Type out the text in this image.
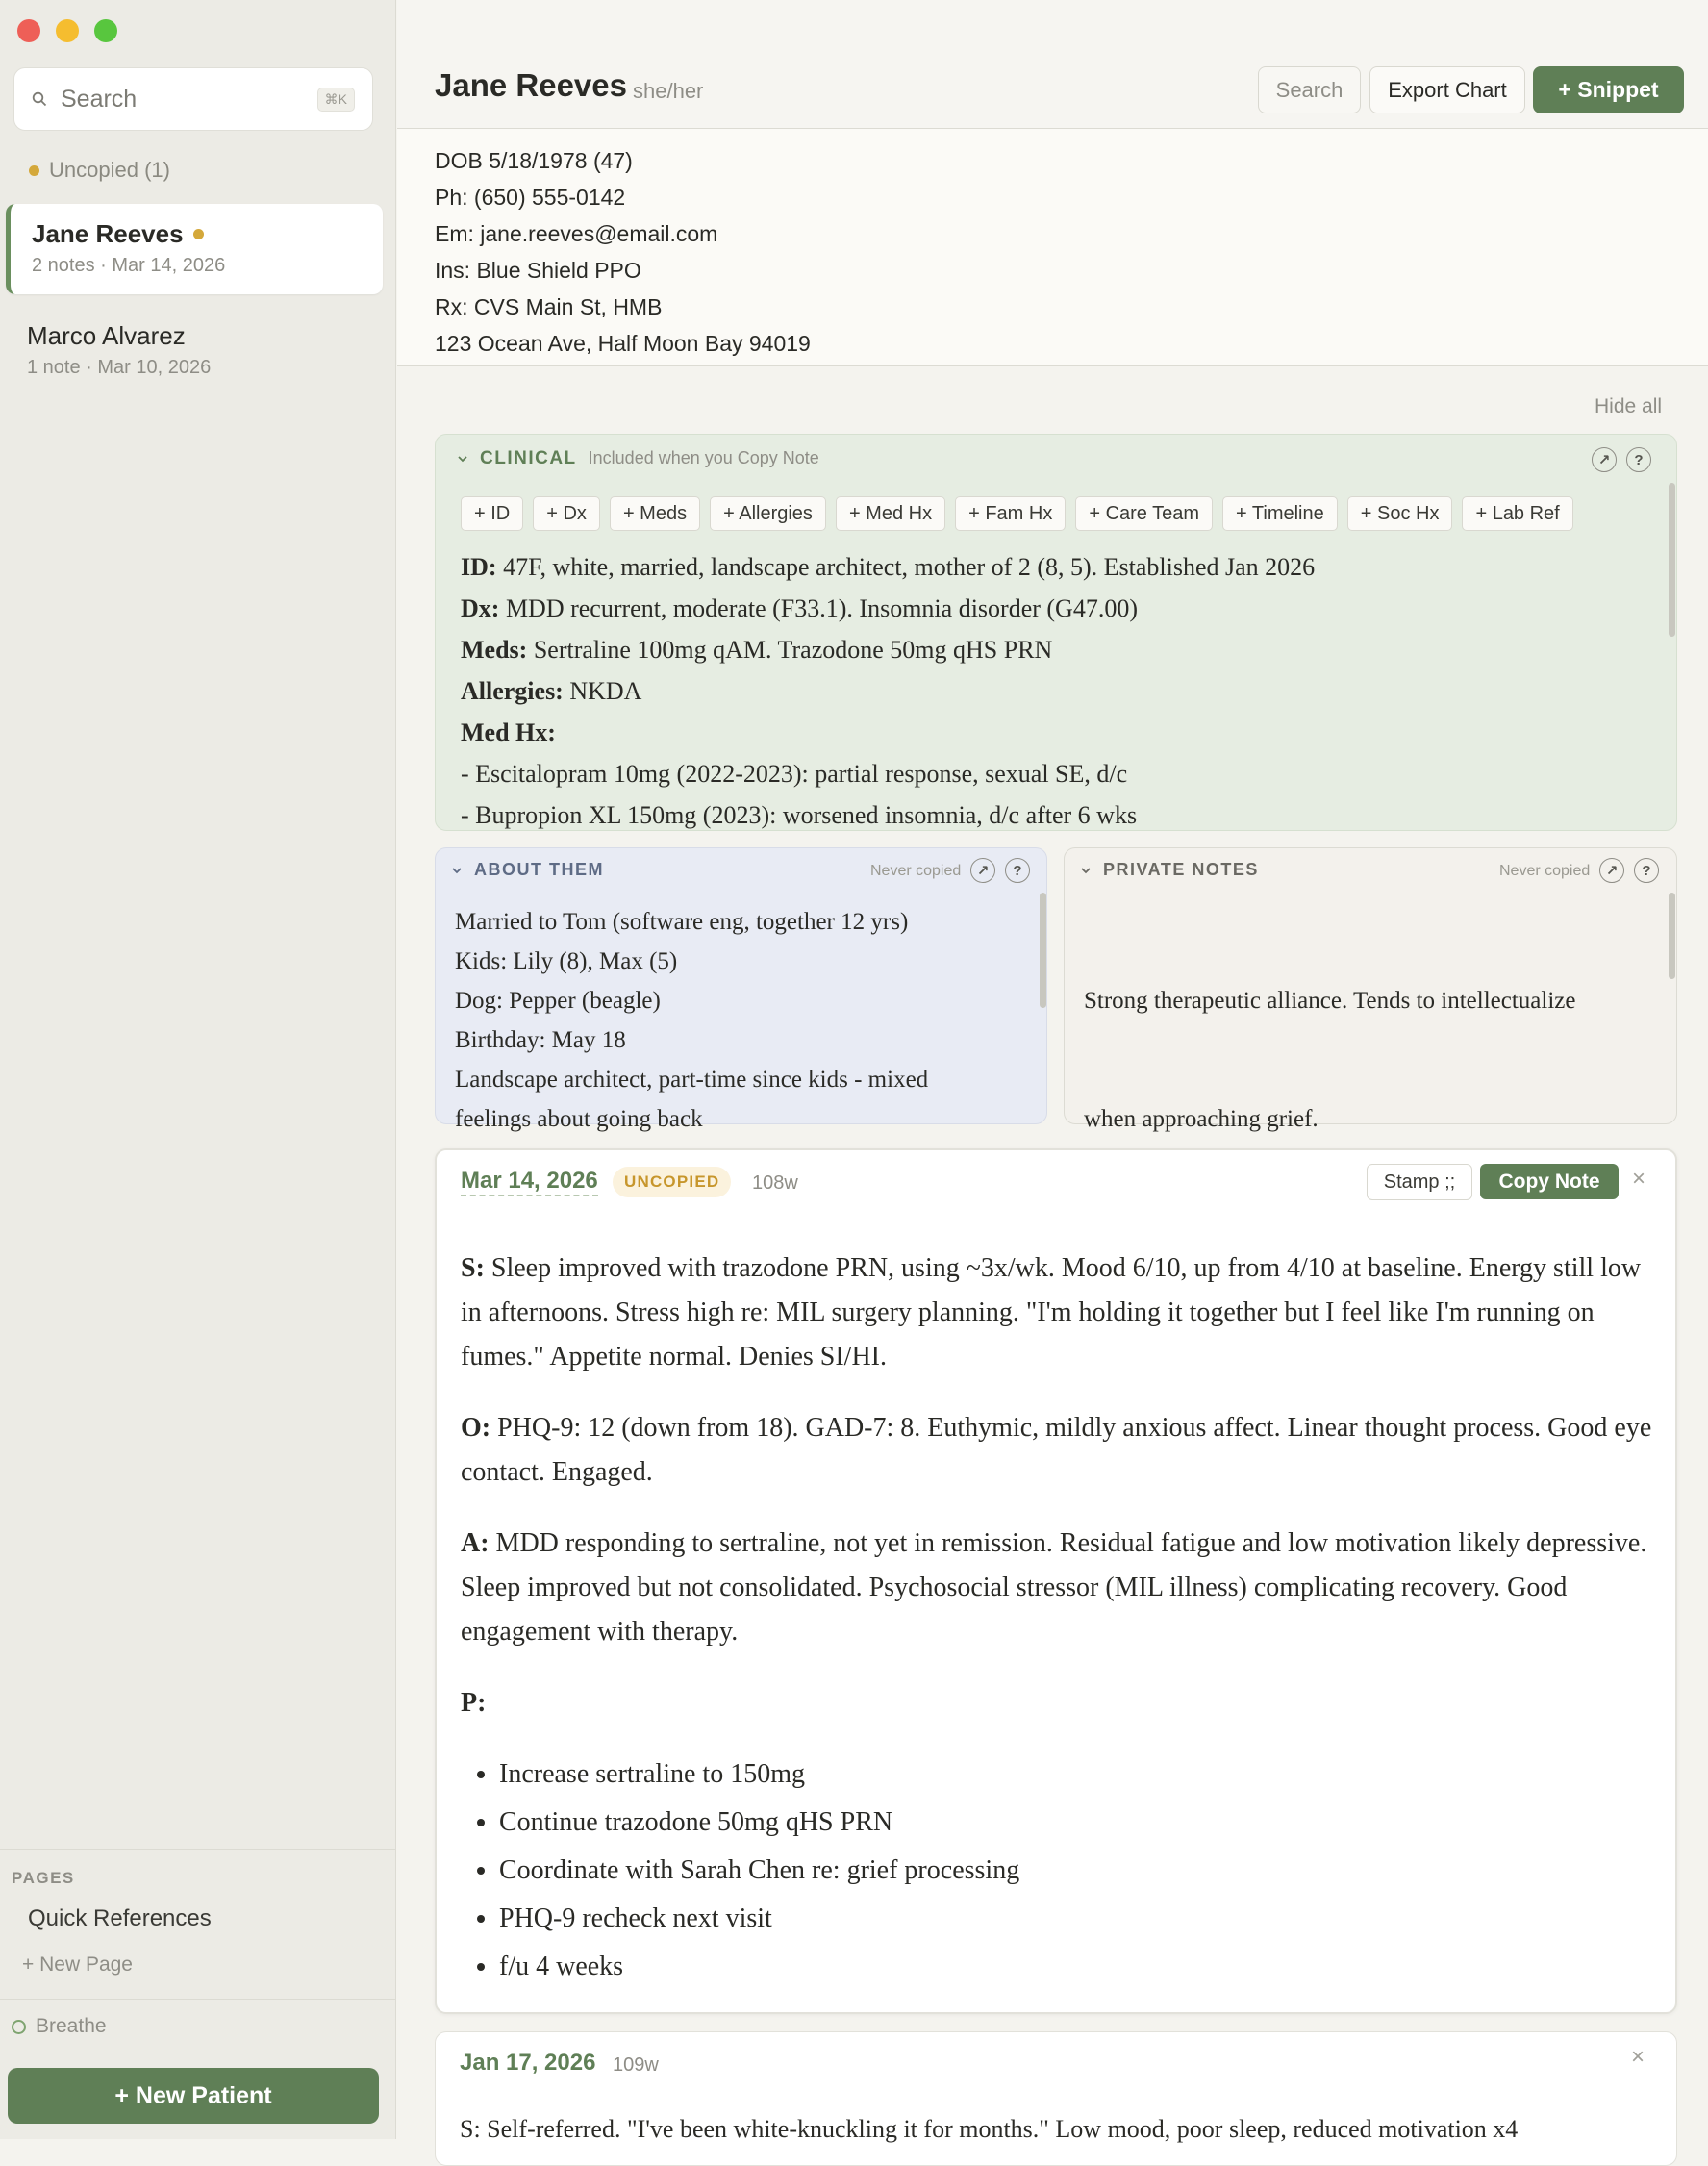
Search	⌘K
Uncopied (1)
Jane Reeves
2 notes · Mar 14, 2026
Marco Alvarez
1 note · Mar 10, 2026
PAGES
Quick References
+ New Page
Breathe
+ New Patient
Jane Reeves she/her	Search	Export Chart	+ Snippet
DOB 5/18/1978 (47)
Ph: (650) 555-0142
Em: jane.reeves@email.com
Ins: Blue Shield PPO
Rx: CVS Main St, HMB
123 Ocean Ave, Half Moon Bay 94019
Hide all
CLINICAL Included when you Copy Note	↗	?
+ ID	+ Dx	+ Meds	+ Allergies	+ Med Hx	+ Fam Hx	+ Care Team	+ Timeline	+ Soc Hx	+ Lab Ref
ID: 47F, white, married, landscape architect, mother of 2 (8, 5). Established Jan 2026
Dx: MDD recurrent, moderate (F33.1). Insomnia disorder (G47.00)
Meds: Sertraline 100mg qAM. Trazodone 50mg qHS PRN
Allergies: NKDA
Med Hx:
- Escitalopram 10mg (2022-2023): partial response, sexual SE, d/c
- Bupropion XL 150mg (2023): worsened insomnia, d/c after 6 wks
ABOUT THEM	Never copied	↗	?
Married to Tom (software eng, together 12 yrs)
Kids: Lily (8), Max (5)
Dog: Pepper (beagle)
Birthday: May 18
Landscape architect, part-time since kids - mixed
feelings about going back
PRIVATE NOTES	Never copied	↗	?

Strong therapeutic alliance. Tends to intellectualize

when approaching grief.

Mar 14, 2026	UNCOPIED	108w	Stamp ;;	Copy Note	×

S: Sleep improved with trazodone PRN, using ~3x/wk. Mood 6/10, up from 4/10 at baseline. Energy still low in afternoons. Stress high re: MIL surgery planning. "I'm holding it together but I feel like I'm running on fumes." Appetite normal. Denies SI/HI.

O: PHQ-9: 12 (down from 18). GAD-7: 8. Euthymic, mildly anxious affect. Linear thought process. Good eye contact. Engaged.

A: MDD responding to sertraline, not yet in remission. Residual fatigue and low motivation likely depressive. Sleep improved but not consolidated. Psychosocial stressor (MIL illness) complicating recovery. Good engagement with therapy.

P:

• Increase sertraline to 150mg
• Continue trazodone 50mg qHS PRN
• Coordinate with Sarah Chen re: grief processing
• PHQ-9 recheck next visit
• f/u 4 weeks
Jan 17, 2026 109w	×
S: Self-referred. "I've been white-knuckling it for months." Low mood, poor sleep, reduced motivation x4
